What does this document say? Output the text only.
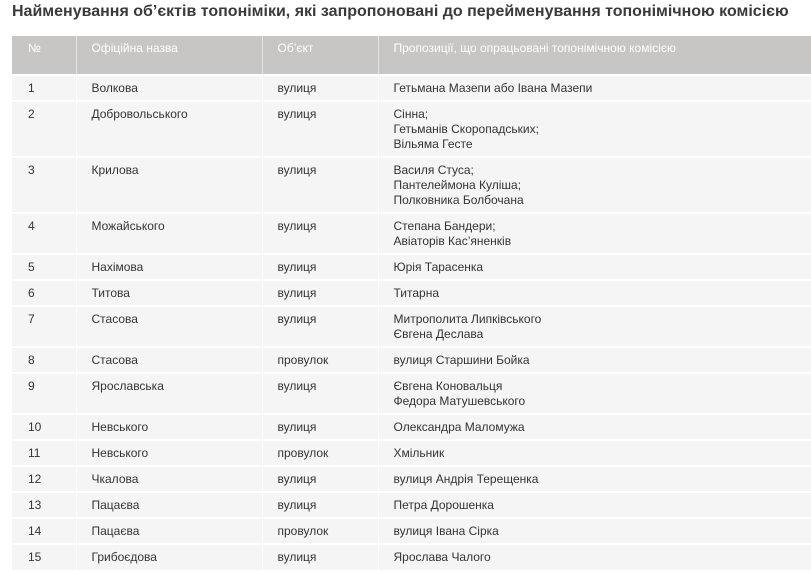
Найменування об’єктів топоніміки, які запропоновані до перейменування топонімічною комісією
№	Офіційна назва	Об’єкт	Пропозиції, що опрацьовані топонімічною комісією
1	Волкова	вулиця	Гетьмана Мазепи або Івана Мазепи

2	Добровольського	вулиця	Сінна;
Гетьманів Скоропадських;
Вільяма Гесте

3	Крилова	вулиця	Василя Стуса;
Пантелеймона Куліша;
Полковника Болбочана

4	Можайського	вулиця	Степана Бандери;
Авіаторів Кас’яненків

5	Нахімова	вулиця	Юрія Тарасенка

6	Титова	вулиця	Титарна

7	Стасова	вулиця	Митрополита Липківського
Євгена Деслава

8	Стасова	провулок	вулиця Старшини Бойка

9	Ярославська	вулиця	Євгена Коновальця
Федора Матушевського

10	Невського	вулиця	Олександра Маломужа

11	Невського	провулок	Хмільник

12	Чкалова	вулиця	вулиця Андрія Терещенка

13	Пацаєва	вулиця	Петра Дорошенка

14	Пацаєва	провулок	вулиця Івана Сірка

15	Грибоєдова	вулиця	Ярослава Чалого
